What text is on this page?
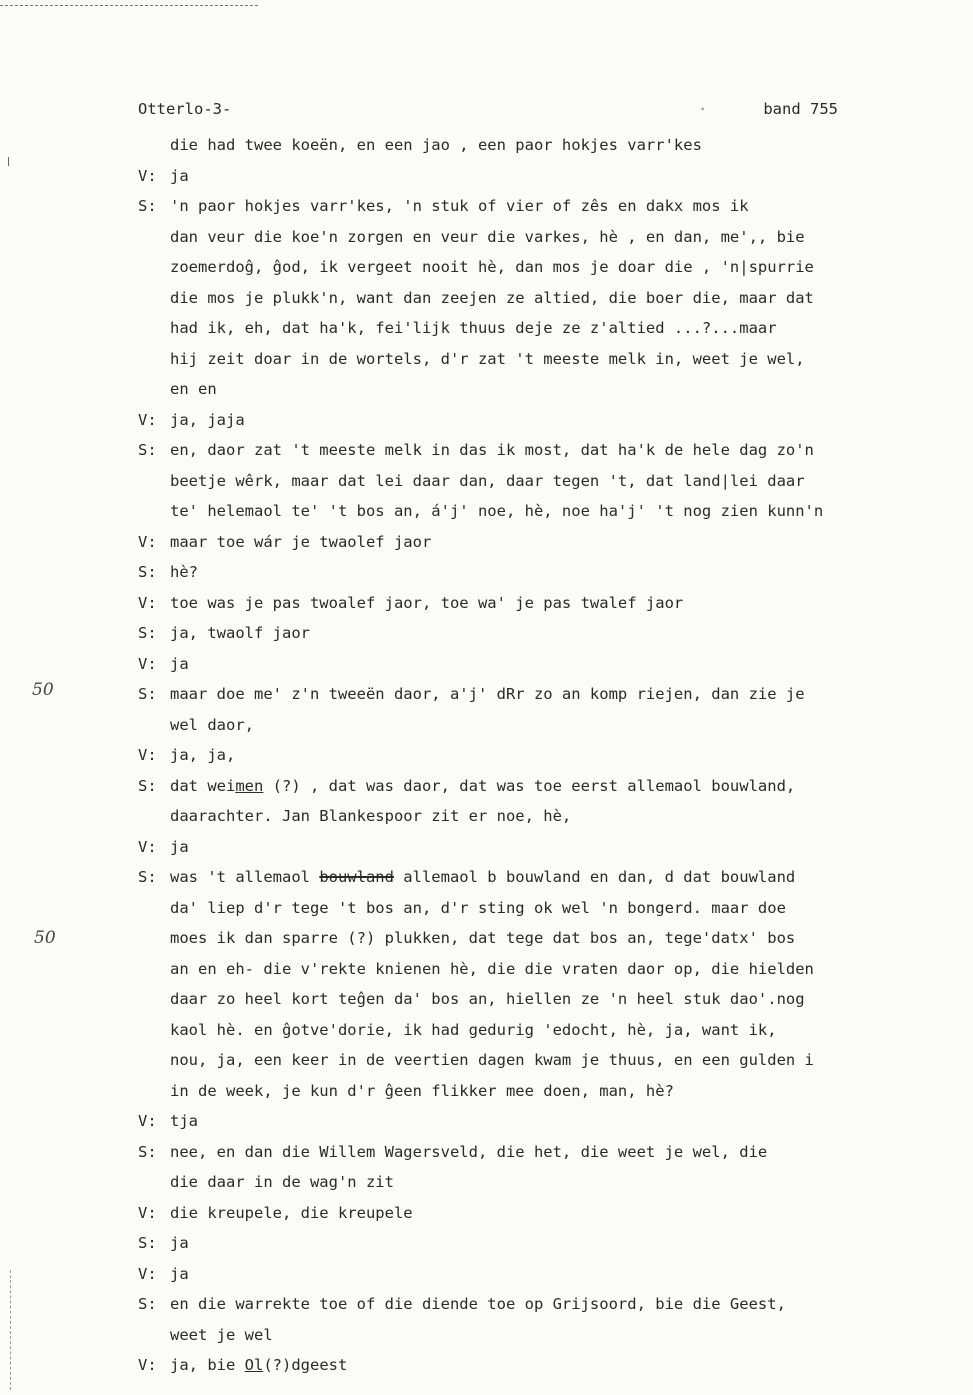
Otterlo-3-	·	band 755
50
50
die had twee koeën, en een jao , een paor hokjes varr'kes
V: ja
S: 'n paor hokjes varr'kes, 'n stuk of vier of zês en dakx mos ik
dan veur die koe'n zorgen en veur die varkes, hè , en dan, me',, bie
zoemerdoĝ, ĝod, ik vergeet nooit hè, dan mos je doar die , 'n|spurrie
die mos je plukk'n, want dan zeejen ze altied, die boer die, maar dat
had ik, eh, dat ha'k, fei'lijk thuus deje ze z'altied ...?...maar
hij zeit doar in de wortels, d'r zat 't meeste melk in, weet je wel,
en en
V: ja, jaja
S: en, daor zat 't meeste melk in das ik most, dat ha'k de hele dag zo'n
beetje wêrk, maar dat lei daar dan, daar tegen 't, dat land|lei daar
te' helemaol te' 't bos an, á'j' noe, hè, noe ha'j' 't nog zien kunn'n
V: maar toe wár je twaolef jaor
S: hè?
V: toe was je pas twoalef jaor, toe wa' je pas twalef jaor
S: ja, twaolf jaor
V: ja
S: maar doe me' z'n tweeën daor, a'j' dRr zo an komp riejen, dan zie je
wel daor,
V: ja, ja,
S: dat weimen (?) , dat was daor, dat was toe eerst allemaol bouwland,
daarachter. Jan Blankespoor zit er noe, hè,
V: ja
S: was 't allemaol bouwland allemaol b bouwland en dan, d dat bouwland
da' liep d'r tege 't bos an, d'r sting ok wel 'n bongerd. maar doe
moes ik dan sparre (?) plukken, dat tege dat bos an, tege'datx' bos
an en eh- die v'rekte knienen hè, die die vraten daor op, die hielden
daar zo heel kort teĝen da' bos an, hiellen ze 'n heel stuk dao'.nog
kaol hè. en ĝotve'dorie, ik had gedurig 'edocht, hè, ja, want ik,
nou, ja, een keer in de veertien dagen kwam je thuus, en een gulden i
in de week, je kun d'r ĝeen flikker mee doen, man, hè?
V: tja
S: nee, en dan die Willem Wagersveld, die het, die weet je wel, die
die daar in de wag'n zit
V: die kreupele, die kreupele
S: ja
V: ja
S: en die warrekte toe of die diende toe op Grijsoord, bie die Geest,
weet je wel
V: ja, bie Ol(?)dgeest
